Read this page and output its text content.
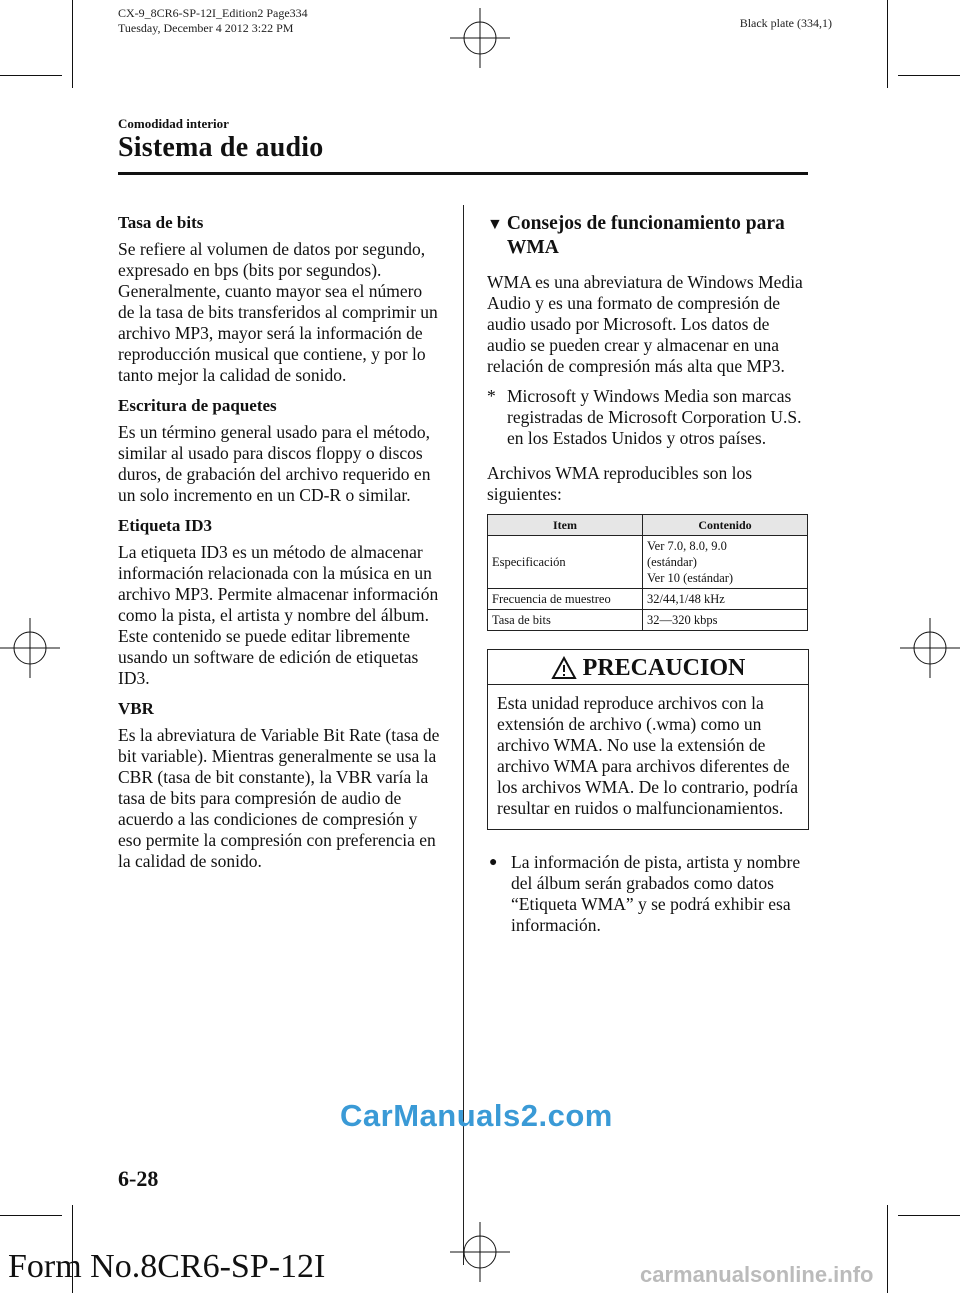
CX-9_8CR6-SP-12I_Edition2 Page334
Tuesday, December 4 2012 3:22 PM	Black plate (334,1)
Comodidad interior
Sistema de audio
Tasa de bits

Se refiere al volumen de datos por segundo, expresado en bps (bits por segundos). Generalmente, cuanto mayor sea el número de la tasa de bits transferidos al comprimir un archivo MP3, mayor será la información de reproducción musical que contiene, y por lo tanto mejor la calidad de sonido.

Escritura de paquetes

Es un término general usado para el método, similar al usado para discos floppy o discos duros, de grabación del archivo requerido en un solo incremento en un CD-R o similar.

Etiqueta ID3

La etiqueta ID3 es un método de almacenar información relacionada con la música en un archivo MP3. Permite almacenar información como la pista, el artista y nombre del álbum. Este contenido se puede editar libremente usando un software de edición de etiquetas ID3.

VBR

Es la abreviatura de Variable Bit Rate (tasa de bit variable). Mientras generalmente se usa la CBR (tasa de bit constante), la VBR varía la tasa de bits para compresión de audio de acuerdo a las condiciones de compresión y eso permite la compresión con preferencia en la calidad de sonido.

▼ Consejos de funcionamiento para WMA

WMA es una abreviatura de Windows Media Audio y es una formato de compresión de audio usado por Microsoft. Los datos de audio se pueden crear y almacenar en una relación de compresión más alta que MP3.

* Microsoft y Windows Media son marcas registradas de Microsoft Corporation U.S. en los Estados Unidos y otros países.

Archivos WMA reproducibles son los siguientes:

Item	Contenido
Especificación	Ver 7.0, 8.0, 9.0
(estándar)
Ver 10 (estándar)
Frecuencia de muestreo	32/44,1/48 kHz
Tasa de bits	32―320 kbps
PRECAUCION
Esta unidad reproduce archivos con la extensión de archivo (.wma) como un archivo WMA. No use la extensión de archivo WMA para archivos diferentes de los archivos WMA. De lo contrario, podría resultar en ruidos o malfuncionamientos.
● La información de pista, artista y nombre del álbum serán grabados como datos “Etiqueta WMA” y se podrá exhibir esa información.
6-28
CarManuals2.com
Form No.8CR6-SP-12I	carmanualsonline.info
